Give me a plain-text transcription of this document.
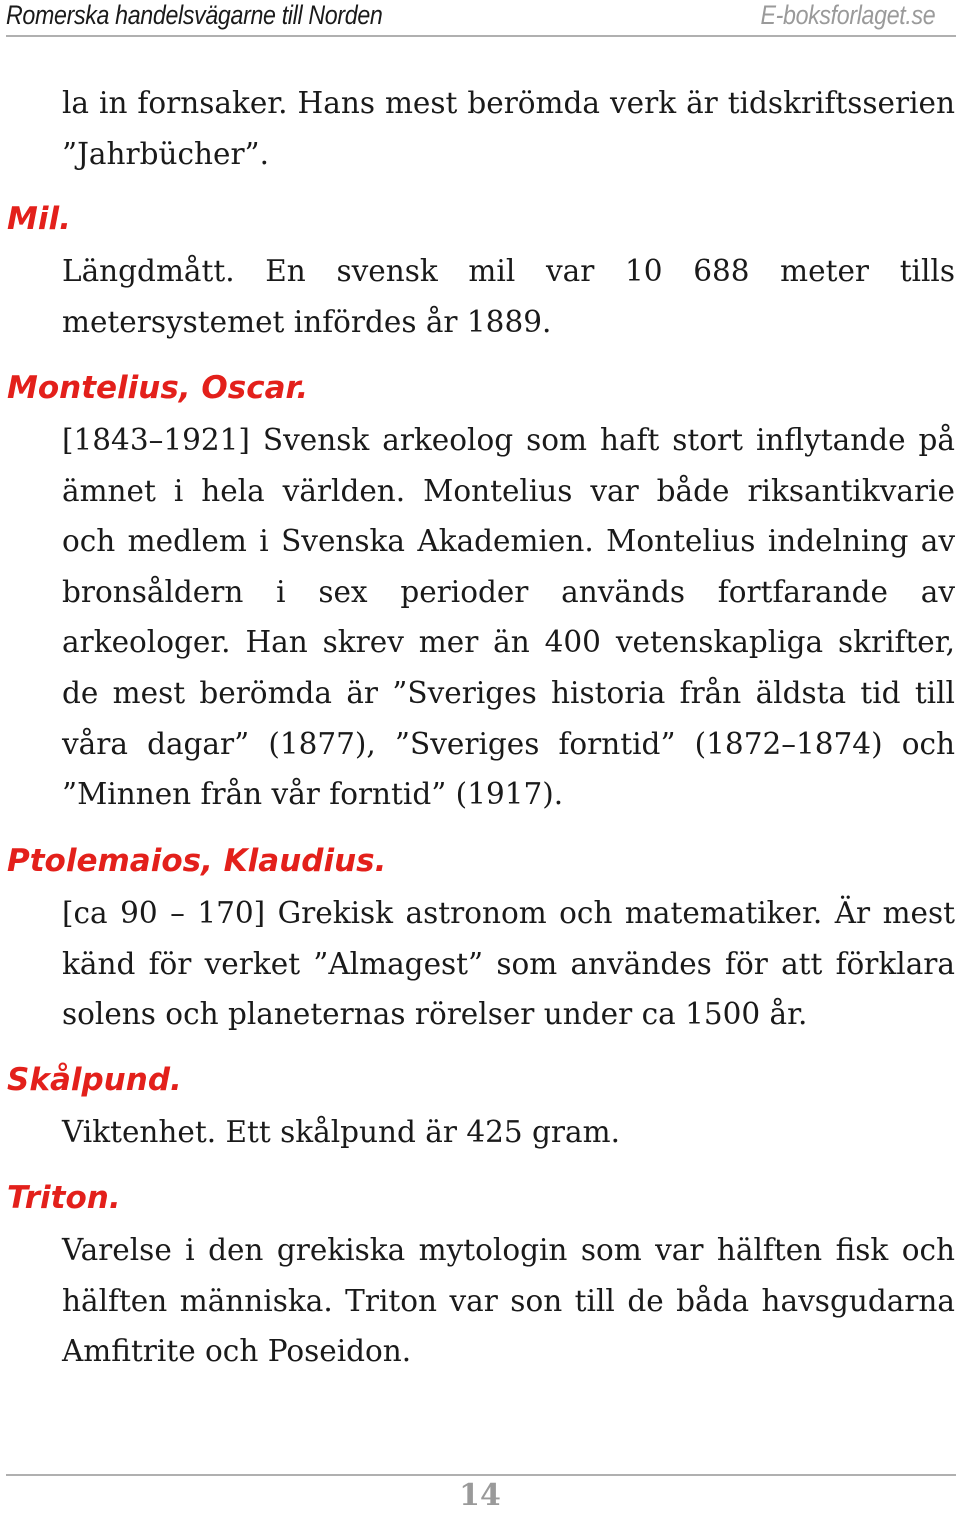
Romerska handelsvägarne till Norden	E-boksforlaget.se

la in fornsaker. Hans mest berömda verk är tidskriftsserien ”Jahrbücher”.

Mil.

Längdmått. En svensk mil var 10 688 meter tills metersystemet infördes år 1889.

Montelius, Oscar.

[1843–1921] Svensk arkeolog som haft stort inflytande på ämnet i hela världen. Montelius var både riksantikvarie och medlem i Svenska Akademien. Montelius indelning av bronsåldern i sex perioder används fortfarande av arkeologer. Han skrev mer än 400 vetenskapliga skrifter, de mest berömda är ”Sveriges historia från äldsta tid till våra dagar” (1877), ”Sveriges forntid” (1872–1874) och ”Minnen från vår forntid” (1917).

Ptolemaios, Klaudius.

[ca 90 – 170] Grekisk astronom och matematiker. Är mest känd för verket ”Almagest” som användes för att förklara solens och planeternas rörelser under ca 1500 år.

Skålpund.

Viktenhet. Ett skålpund är 425 gram.

Triton.

Varelse i den grekiska mytologin som var hälften fisk och hälften människa. Triton var son till de båda havsgudarna Amfitrite och Poseidon.

14
